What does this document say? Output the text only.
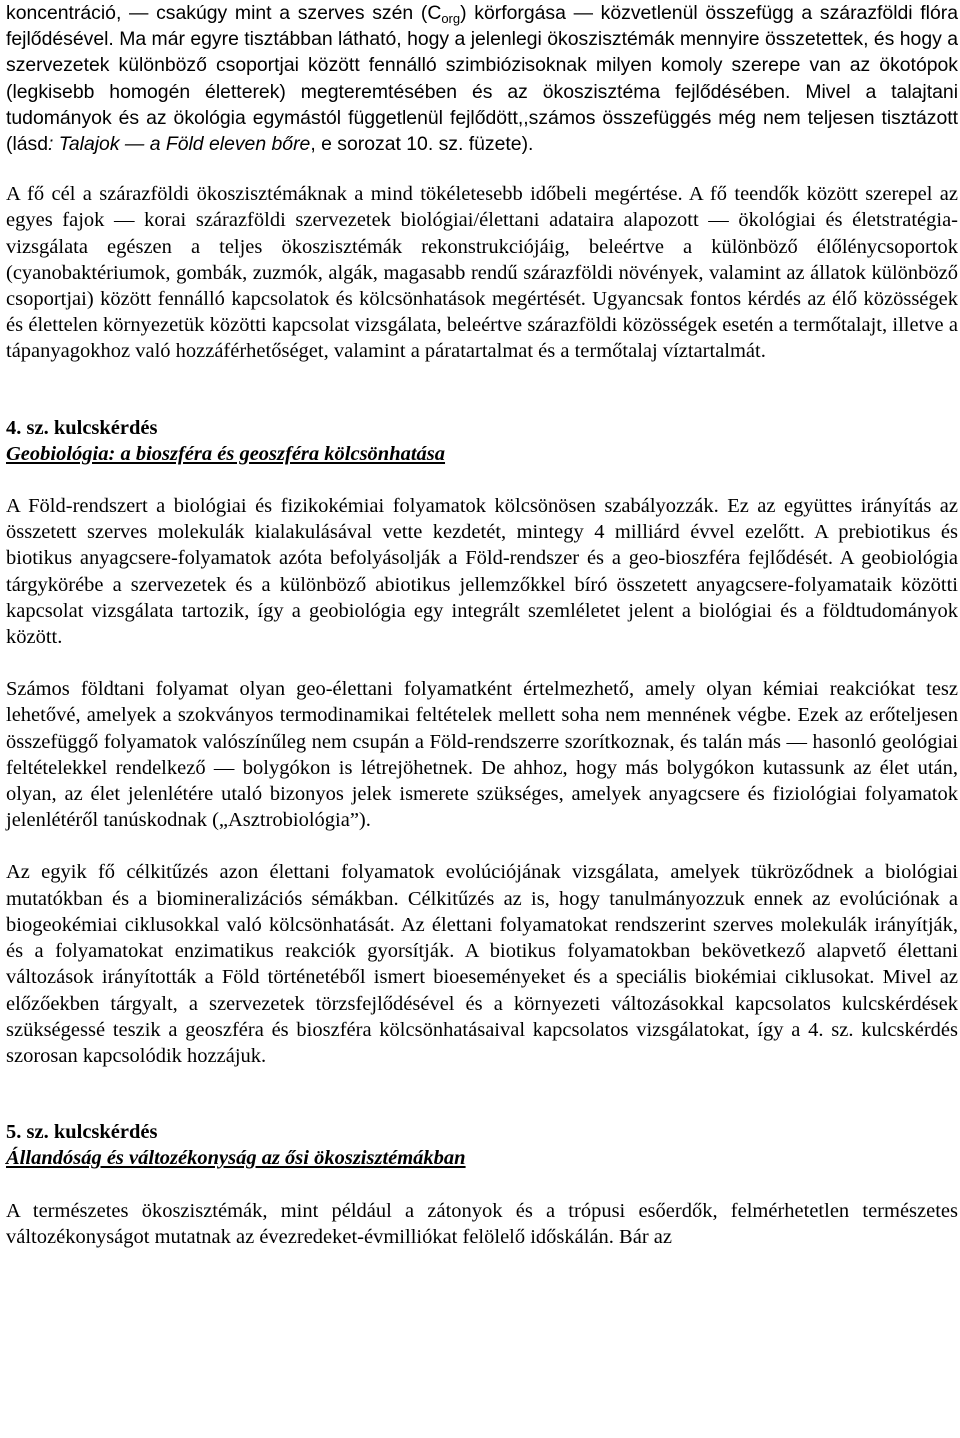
koncentráció, — csakúgy mint a szerves szén $(C_{org})$ körforgása — közvetlenül összefügg a szárazföldi flóra fejlődésével. Ma már egyre tisztábban látható, hogy a jelenlegi ökoszisztémák mennyire összetettek, és hogy a szervezetek különböző csoportjai között fennálló szimbiózisoknak milyen komoly szerepe van az ökotópok (legkisebb homogén életterek) megteremtésében és az ökoszisztéma fejlődésében. Mivel a talajtani tudományok és az ökológia egymástól függetlenül fejlődött,,számos összefüggés még nem teljesen tisztázott (lásd: Talajok — a Föld eleven bőre, e sorozat 10. sz. füzete).

A fő cél a szárazföldi ökoszisztémáknak a mind tökéletesebb időbeli megértése. A fő teendők között szerepel az egyes fajok — korai szárazföldi szervezetek biológiai/élettani adataira alapozott — ökológiai és életstratégia-vizsgálata egészen a teljes ökoszisztémák rekonstrukciójáig, beleértve a különböző élőlénycsoportok (cyanobaktériumok, gombák, zuzmók, algák, magasabb rendű szárazföldi növények, valamint az állatok különböző csoportjai) között fennálló kapcsolatok és kölcsönhatások megértését. Ugyancsak fontos kérdés az élő közösségek és élettelen környezetük közötti kapcsolat vizsgálata, beleértve szárazföldi közösségek esetén a termőtalajt, illetve a tápanyagokhoz való hozzáférhetőséget, valamint a páratartalmat és a termőtalaj víztartalmát.

4. sz. kulcskérdés

Geobiológia: a bioszféra és geoszféra kölcsönhatása

A Föld-rendszert a biológiai és fizikokémiai folyamatok kölcsönösen szabályozzák. Ez az együttes irányítás az összetett szerves molekulák kialakulásával vette kezdetét, mintegy 4 milliárd évvel ezelőtt. A prebiotikus és biotikus anyagcsere-folyamatok azóta befolyásolják a Föld-rendszer és a geo-bioszféra fejlődését. A geobiológia tárgykörébe a szervezetek és a különböző abiotikus jellemzőkkel bíró összetett anyagcsere-folyamataik közötti kapcsolat vizsgálata tartozik, így a geobiológia egy integrált szemléletet jelent a biológiai és a földtudományok között.

Számos földtani folyamat olyan geo-élettani folyamatként értelmezhető, amely olyan kémiai reakciókat tesz lehetővé, amelyek a szokványos termodinamikai feltételek mellett soha nem mennének végbe. Ezek az erőteljesen összefüggő folyamatok valószínűleg nem csupán a Föld-rendszerre szorítkoznak, és talán más — hasonló geológiai feltételekkel rendelkező — bolygókon is létrejöhetnek. De ahhoz, hogy más bolygókon kutassunk az élet után, olyan, az élet jelenlétére utaló bizonyos jelek ismerete szükséges, amelyek anyagcsere és fiziológiai folyamatok jelenlétéről tanúskodnak („Asztrobiológia”).

Az egyik fő célkitűzés azon élettani folyamatok evolúciójának vizsgálata, amelyek tükröződnek a biológiai mutatókban és a biomineralizációs sémákban. Célkitűzés az is, hogy tanulmányozzuk ennek az evolúciónak a biogeokémiai ciklusokkal való kölcsönhatását. Az élettani folyamatokat rendszerint szerves molekulák irányítják, és a folyamatokat enzimatikus reakciók gyorsítják. A biotikus folyamatokban bekövetkező alapvető élettani változások irányították a Föld történetéből ismert bioeseményeket és a speciális biokémiai ciklusokat. Mivel az előzőekben tárgyalt, a szervezetek törzsfejlődésével és a környezeti változásokkal kapcsolatos kulcskérdések szükségessé teszik a geoszféra és bioszféra kölcsönhatásaival kapcsolatos vizsgálatokat, így a 4. sz. kulcskérdés szorosan kapcsolódik hozzájuk.

5. sz. kulcskérdés

Állandóság és változékonyság az ősi ökoszisztémákban

A természetes ökoszisztémák, mint például a zátonyok és a trópusi esőerdők, felmérhetetlen természetes változékonyságot mutatnak az évezredeket-évmilliókat felölelő időskálán. Bár az
